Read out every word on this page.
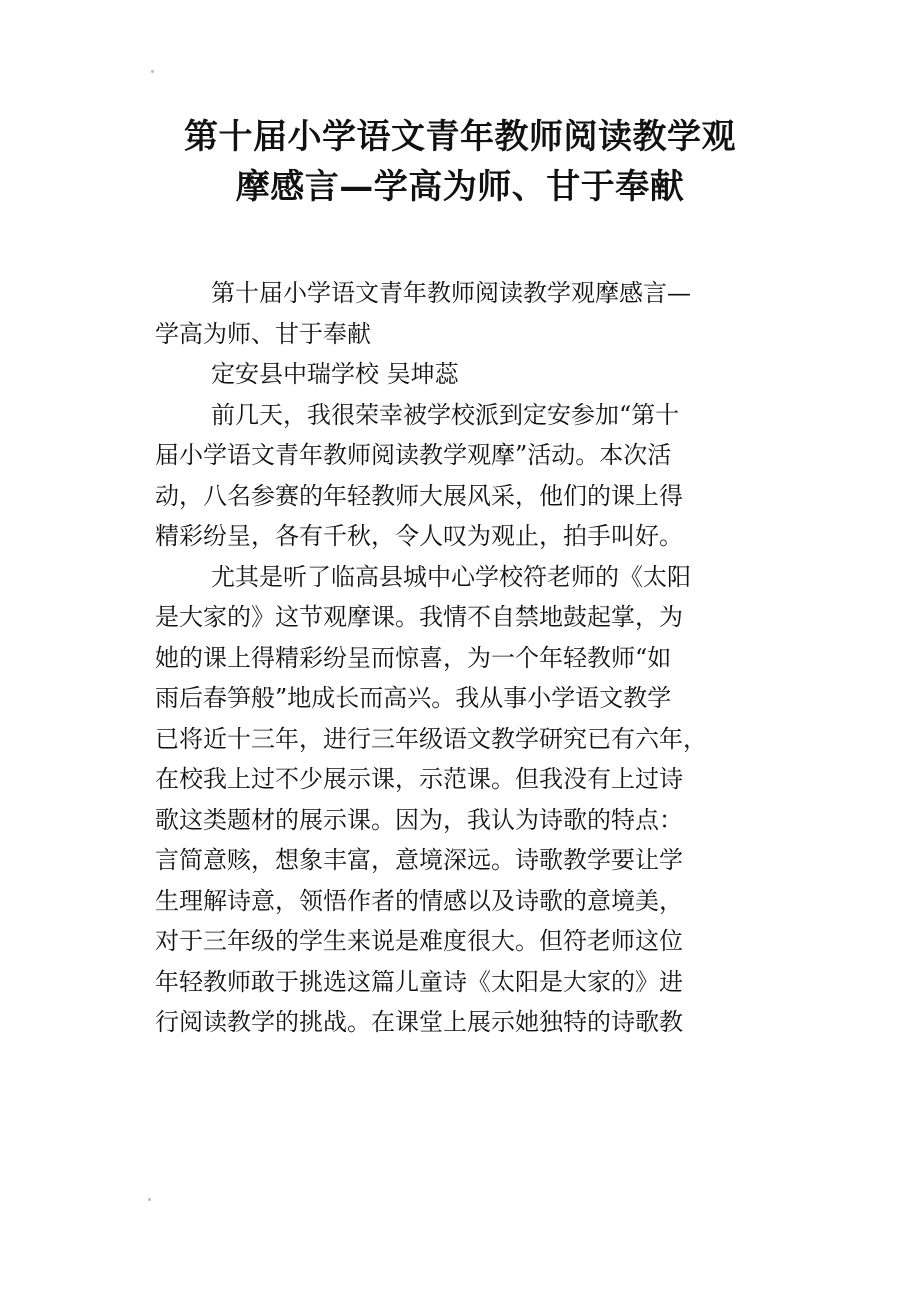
第十届小学语文青年教师阅读教学观
摩感言—学高为师、甘于奉献
第十届小学语文青年教师阅读教学观摩感言—
学高为师、甘于奉献
定安县中瑞学校 吴坤蕊
前几天，我很荣幸被学校派到定安参加“第十
届小学语文青年教师阅读教学观摩”活动。本次活
动，八名参赛的年轻教师大展风采，他们的课上得
精彩纷呈，各有千秋，令人叹为观止，拍手叫好。
尤其是听了临高县城中心学校符老师的《太阳
是大家的》这节观摩课。我情不自禁地鼓起掌，为
她的课上得精彩纷呈而惊喜，为一个年轻教师“如
雨后春笋般”地成长而高兴。我从事小学语文教学
已将近十三年，进行三年级语文教学研究已有六年，
在校我上过不少展示课，示范课。但我没有上过诗
歌这类题材的展示课。因为，我认为诗歌的特点：
言简意赅，想象丰富，意境深远。诗歌教学要让学
生理解诗意，领悟作者的情感以及诗歌的意境美，
对于三年级的学生来说是难度很大。但符老师这位
年轻教师敢于挑选这篇儿童诗《太阳是大家的》进
行阅读教学的挑战。在课堂上展示她独特的诗歌教
